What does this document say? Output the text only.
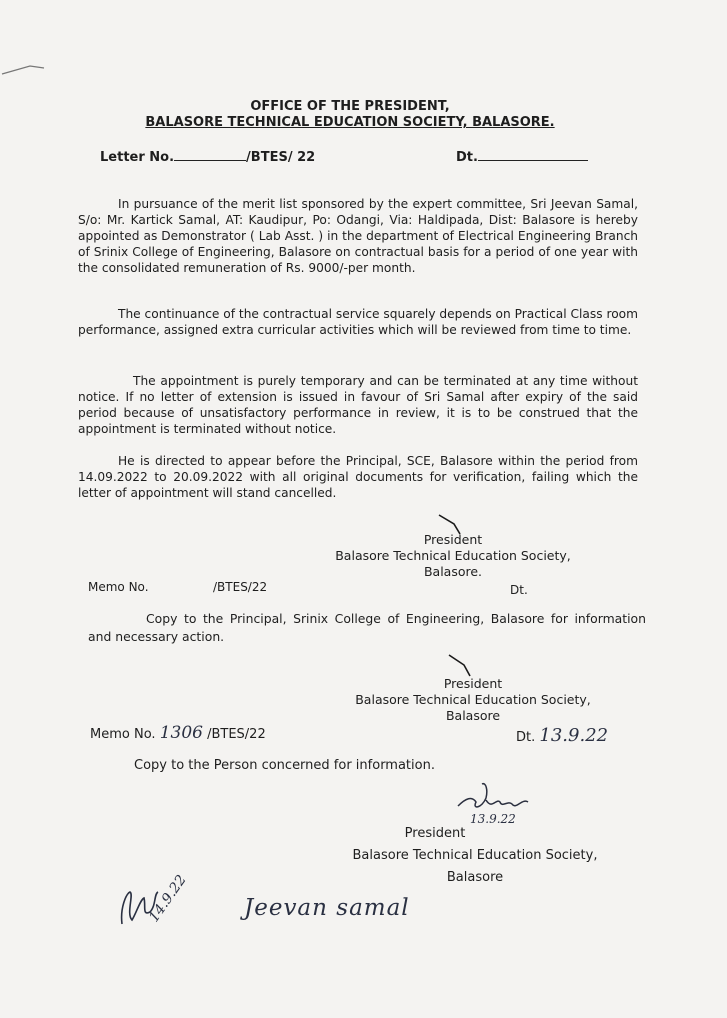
OFFICE OF THE PRESIDENT,
BALASORE TECHNICAL EDUCATION SOCIETY, BALASORE.
Letter No.	/BTES/ 22	Dt.
In pursuance of the merit list sponsored by the expert committee, Sri Jeevan Samal, S/o: Mr. Kartick Samal, AT: Kaudipur, Po: Odangi, Via: Haldipada, Dist: Balasore is hereby appointed as Demonstrator ( Lab Asst. ) in the department of Electrical Engineering Branch of Srinix College of Engineering, Balasore on contractual basis for a period of one year with the consolidated remuneration of Rs. 9000/-per month.
The continuance of the contractual service squarely depends on Practical Class room performance, assigned extra curricular activities which will be reviewed from time to time.
The appointment is purely temporary and can be terminated at any time without notice. If no letter of extension is issued in favour of Sri Samal after expiry of the said period because of unsatisfactory performance in review, it is to be construed that the appointment is terminated without notice.
He is directed to appear before the Principal, SCE, Balasore within the period from 14.09.2022 to 20.09.2022 with all original documents for verification, failing which the letter of appointment will stand cancelled.
President
Balasore Technical Education Society,
Balasore.
Memo No.	/BTES/22	Dt.
Copy to the Principal, Srinix College of Engineering, Balasore for information and necessary action.
President
Balasore Technical Education Society,
Balasore
Memo No. 1306 /BTES/22	Dt. 13.9.22
Copy to the Person concerned for information.
13.9.22
President
Balasore Technical Education Society,
Balasore
14.9.22 Jeevan samal
